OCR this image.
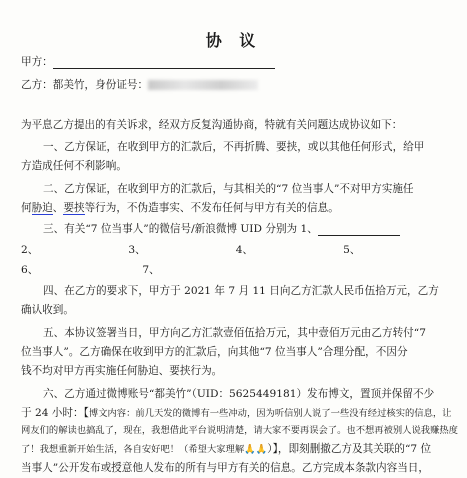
协 议
甲方：
乙方：都美竹，身份证号：
为平息乙方提出的有关诉求，经双方反复沟通协商，特就有关问题达成协议如下：
一、乙方保证，在收到甲方的汇款后，不再折腾、要挟，或以其他任何形式，给甲
方造成任何不利影响。
二、乙方保证，在收到甲方的汇款后，与其相关的“7 位当事人”不对甲方实施任
何胁迫、要挟等行为，不伪造事实、不发布任何与甲方有关的信息。
三、有关“7 位当事人”的微信号/新浪微博 UID 分别为 1、
2、	3、	4、	5、
6、	7、
四、在乙方的要求下，甲方于 2021 年 7 月 11 日向乙方汇款人民币伍拾万元，乙方
确认收到。
五、本协议签署当日，甲方向乙方汇款壹佰伍拾万元，其中壹佰万元由乙方转付“7
位当事人”。乙方确保在收到甲方的汇款后，向其他“7 位当事人”合理分配，不因分
钱不均对甲方再实施任何胁迫、要挟行为。
六、乙方通过微博账号“都美竹”（UID：5625449181）发布博文，置顶并保留不少
于 24 小时：【博文内容：前几天发的微博有一些冲动，因为听信别人说了一些没有经过核实的信息，让
网友们的解读也搞乱了，现在，我想借此平台说明清楚，请大家不要再误会了。也不想再被别人说我赚热度
了！我想重新开始生活，各自安好吧！（希望大家理解🙏🙏）】，即刻删撤乙方及其关联的“7 位
当事人”公开发布或授意他人发布的所有与甲方有关的信息。乙方完成本条款内容当日，
